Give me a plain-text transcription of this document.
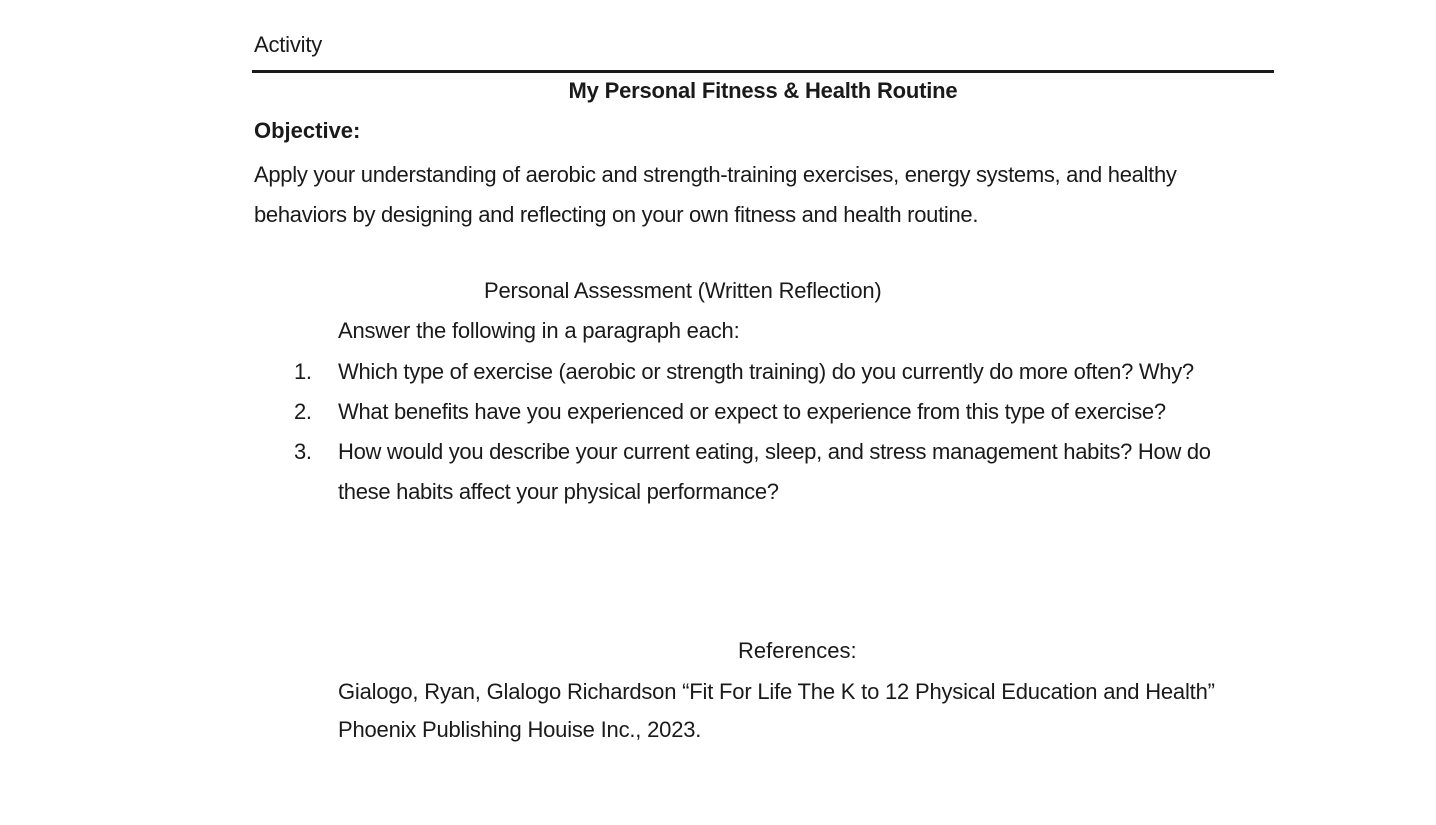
Activity
My Personal Fitness & Health Routine
Objective:
Apply your understanding of aerobic and strength-training exercises, energy systems, and healthy behaviors by designing and reflecting on your own fitness and health routine.
Personal Assessment (Written Reflection)
Answer the following in a paragraph each:
1.	Which type of exercise (aerobic or strength training) do you currently do more often? Why?
2.	What benefits have you experienced or expect to experience from this type of exercise?
3.	How would you describe your current eating, sleep, and stress management habits? How do these habits affect your physical performance?
References:
Gialogo, Ryan, Glalogo Richardson “Fit For Life The K to 12 Physical Education and Health” Phoenix Publishing Houise Inc., 2023.
